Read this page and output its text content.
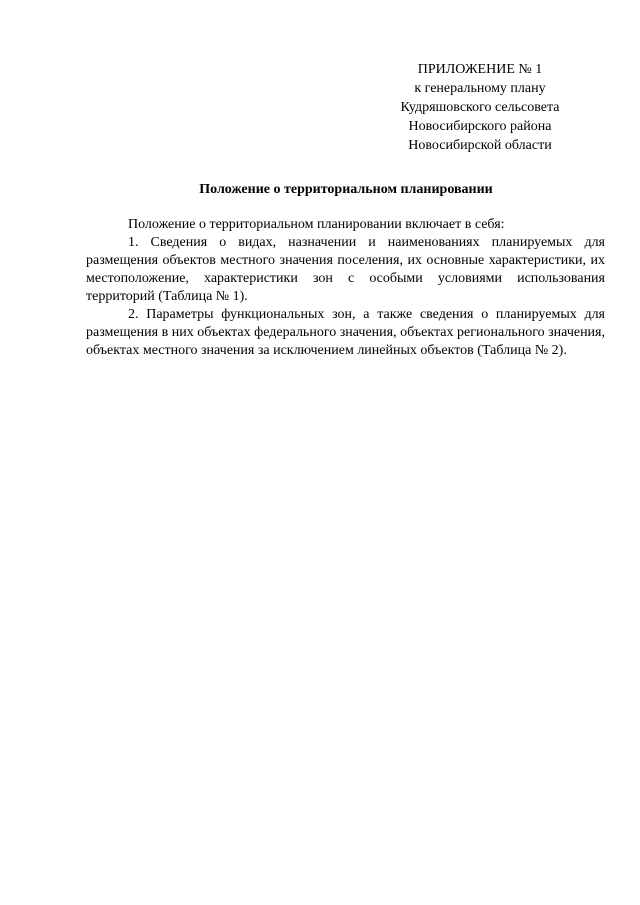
ПРИЛОЖЕНИЕ № 1
к генеральному плану
Кудряшовского сельсовета
Новосибирского района
Новосибирской области
Положение о территориальном планировании

Положение о территориальном планировании включает в себя:

1. Сведения о видах, назначении и наименованиях планируемых для размещения объектов местного значения поселения, их основные характеристики, их местоположение, характеристики зон с особыми условиями использования территорий (Таблица № 1).

2. Параметры функциональных зон, а также сведения о планируемых для размещения в них объектах федерального значения, объектах регионального значения, объектах местного значения за исключением линейных объектов (Таблица № 2).
